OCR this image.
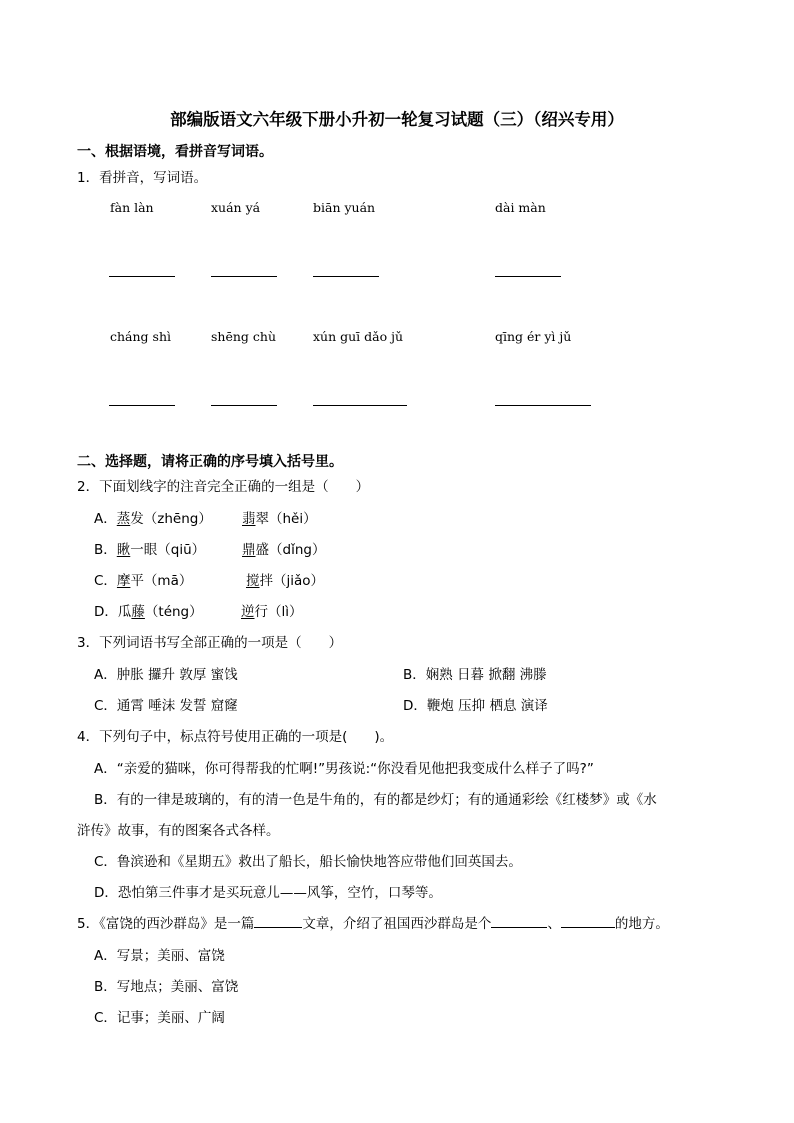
部编版语文六年级下册小升初一轮复习试题（三）（绍兴专用）
一、根据语境，看拼音写词语。
1．看拼音，写词语。
fàn làn	xuán yá	biān yuán	dài màn
cháng shì	shēng chù	xún guī dǎo jǔ	qīng ér yì jǔ
二、选择题，请将正确的序号填入括号里。
2．下面划线字的注音完全正确的一组是（　　）
A．蒸发（zhēng） 翡翠（hěi）
B．瞅一眼（qiū）	鼎盛（dǐng）
C．摩平（mā）	搅拌（jiǎo）
D．瓜藤（téng）	逆行（lì）
3．下列词语书写全部正确的一项是（　　）
A．肿胀 攞升 敦厚 蜜饯	B．娴熟 日暮 掀翻 沸滕
C．通霄 唾沫 发誓 窟窿	D．鞭炮 压抑 栖息 演译
4．下列句子中，标点符号使用正确的一项是(　　)。
A．“亲爱的猫咪，你可得帮我的忙啊!”男孩说:“你没看见他把我变成什么样子了吗?”
B．有的一律是玻璃的，有的清一色是牛角的，有的都是纱灯；有的通通彩绘《红楼梦》或《水
浒传》故事，有的图案各式各样。
C．鲁滨逊和《星期五》救出了船长，船长愉快地答应带他们回英国去。
D．恐怕第三件事才是买玩意儿——风筝，空竹，口琴等。
5．《富饶的西沙群岛》是一篇	文章，介绍了祖国西沙群岛是个	、	的地方。
A．写景；美丽、富饶
B．写地点；美丽、富饶
C．记事；美丽、广阔
